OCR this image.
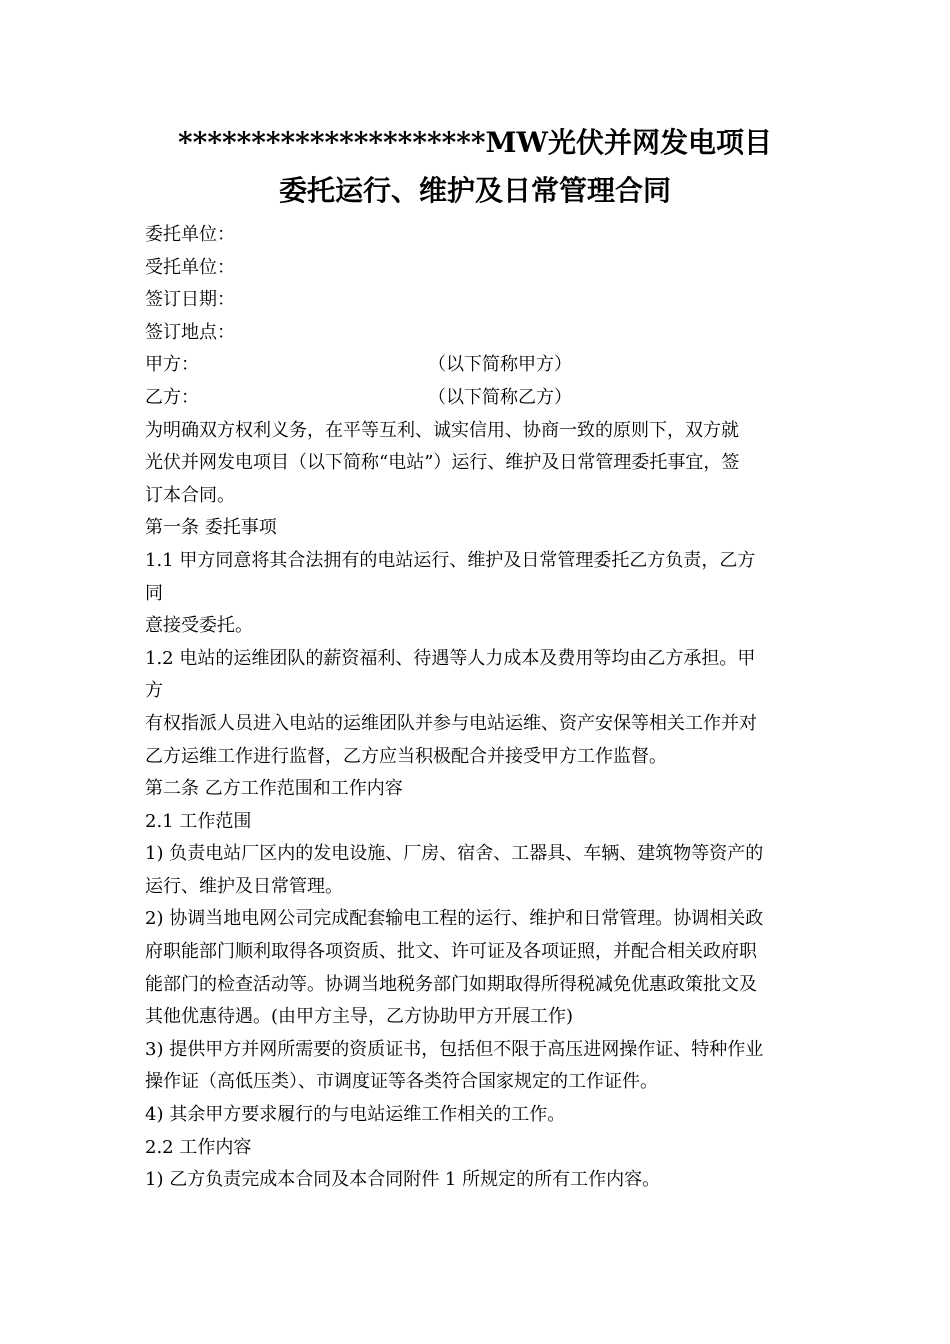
*********************MW光伏并网发电项目
委托运行、维护及日常管理合同
委托单位：
受托单位：
签订日期：
签订地点：
甲方：	（以下简称甲方）
乙方：	（以下简称乙方）
为明确双方权利义务，在平等互利、诚实信用、协商一致的原则下，双方就
光伏并网发电项目（以下简称“电站”）运行、维护及日常管理委托事宜，签
订本合同。
第一条 委托事项
1.1 甲方同意将其合法拥有的电站运行、维护及日常管理委托乙方负责，乙方
同
意接受委托。
1.2 电站的运维团队的薪资福利、待遇等人力成本及费用等均由乙方承担。甲
方
有权指派人员进入电站的运维团队并参与电站运维、资产安保等相关工作并对
乙方运维工作进行监督，乙方应当积极配合并接受甲方工作监督。
第二条 乙方工作范围和工作内容
2.1 工作范围
1) 负责电站厂区内的发电设施、厂房、宿舍、工器具、车辆、建筑物等资产的
运行、维护及日常管理。
2) 协调当地电网公司完成配套输电工程的运行、维护和日常管理。协调相关政
府职能部门顺利取得各项资质、批文、许可证及各项证照，并配合相关政府职
能部门的检查活动等。协调当地税务部门如期取得所得税减免优惠政策批文及
其他优惠待遇。(由甲方主导，乙方协助甲方开展工作)
3) 提供甲方并网所需要的资质证书，包括但不限于高压进网操作证、特种作业
操作证（高低压类）、市调度证等各类符合国家规定的工作证件。
4) 其余甲方要求履行的与电站运维工作相关的工作。
2.2 工作内容
1) 乙方负责完成本合同及本合同附件 1 所规定的所有工作内容。
